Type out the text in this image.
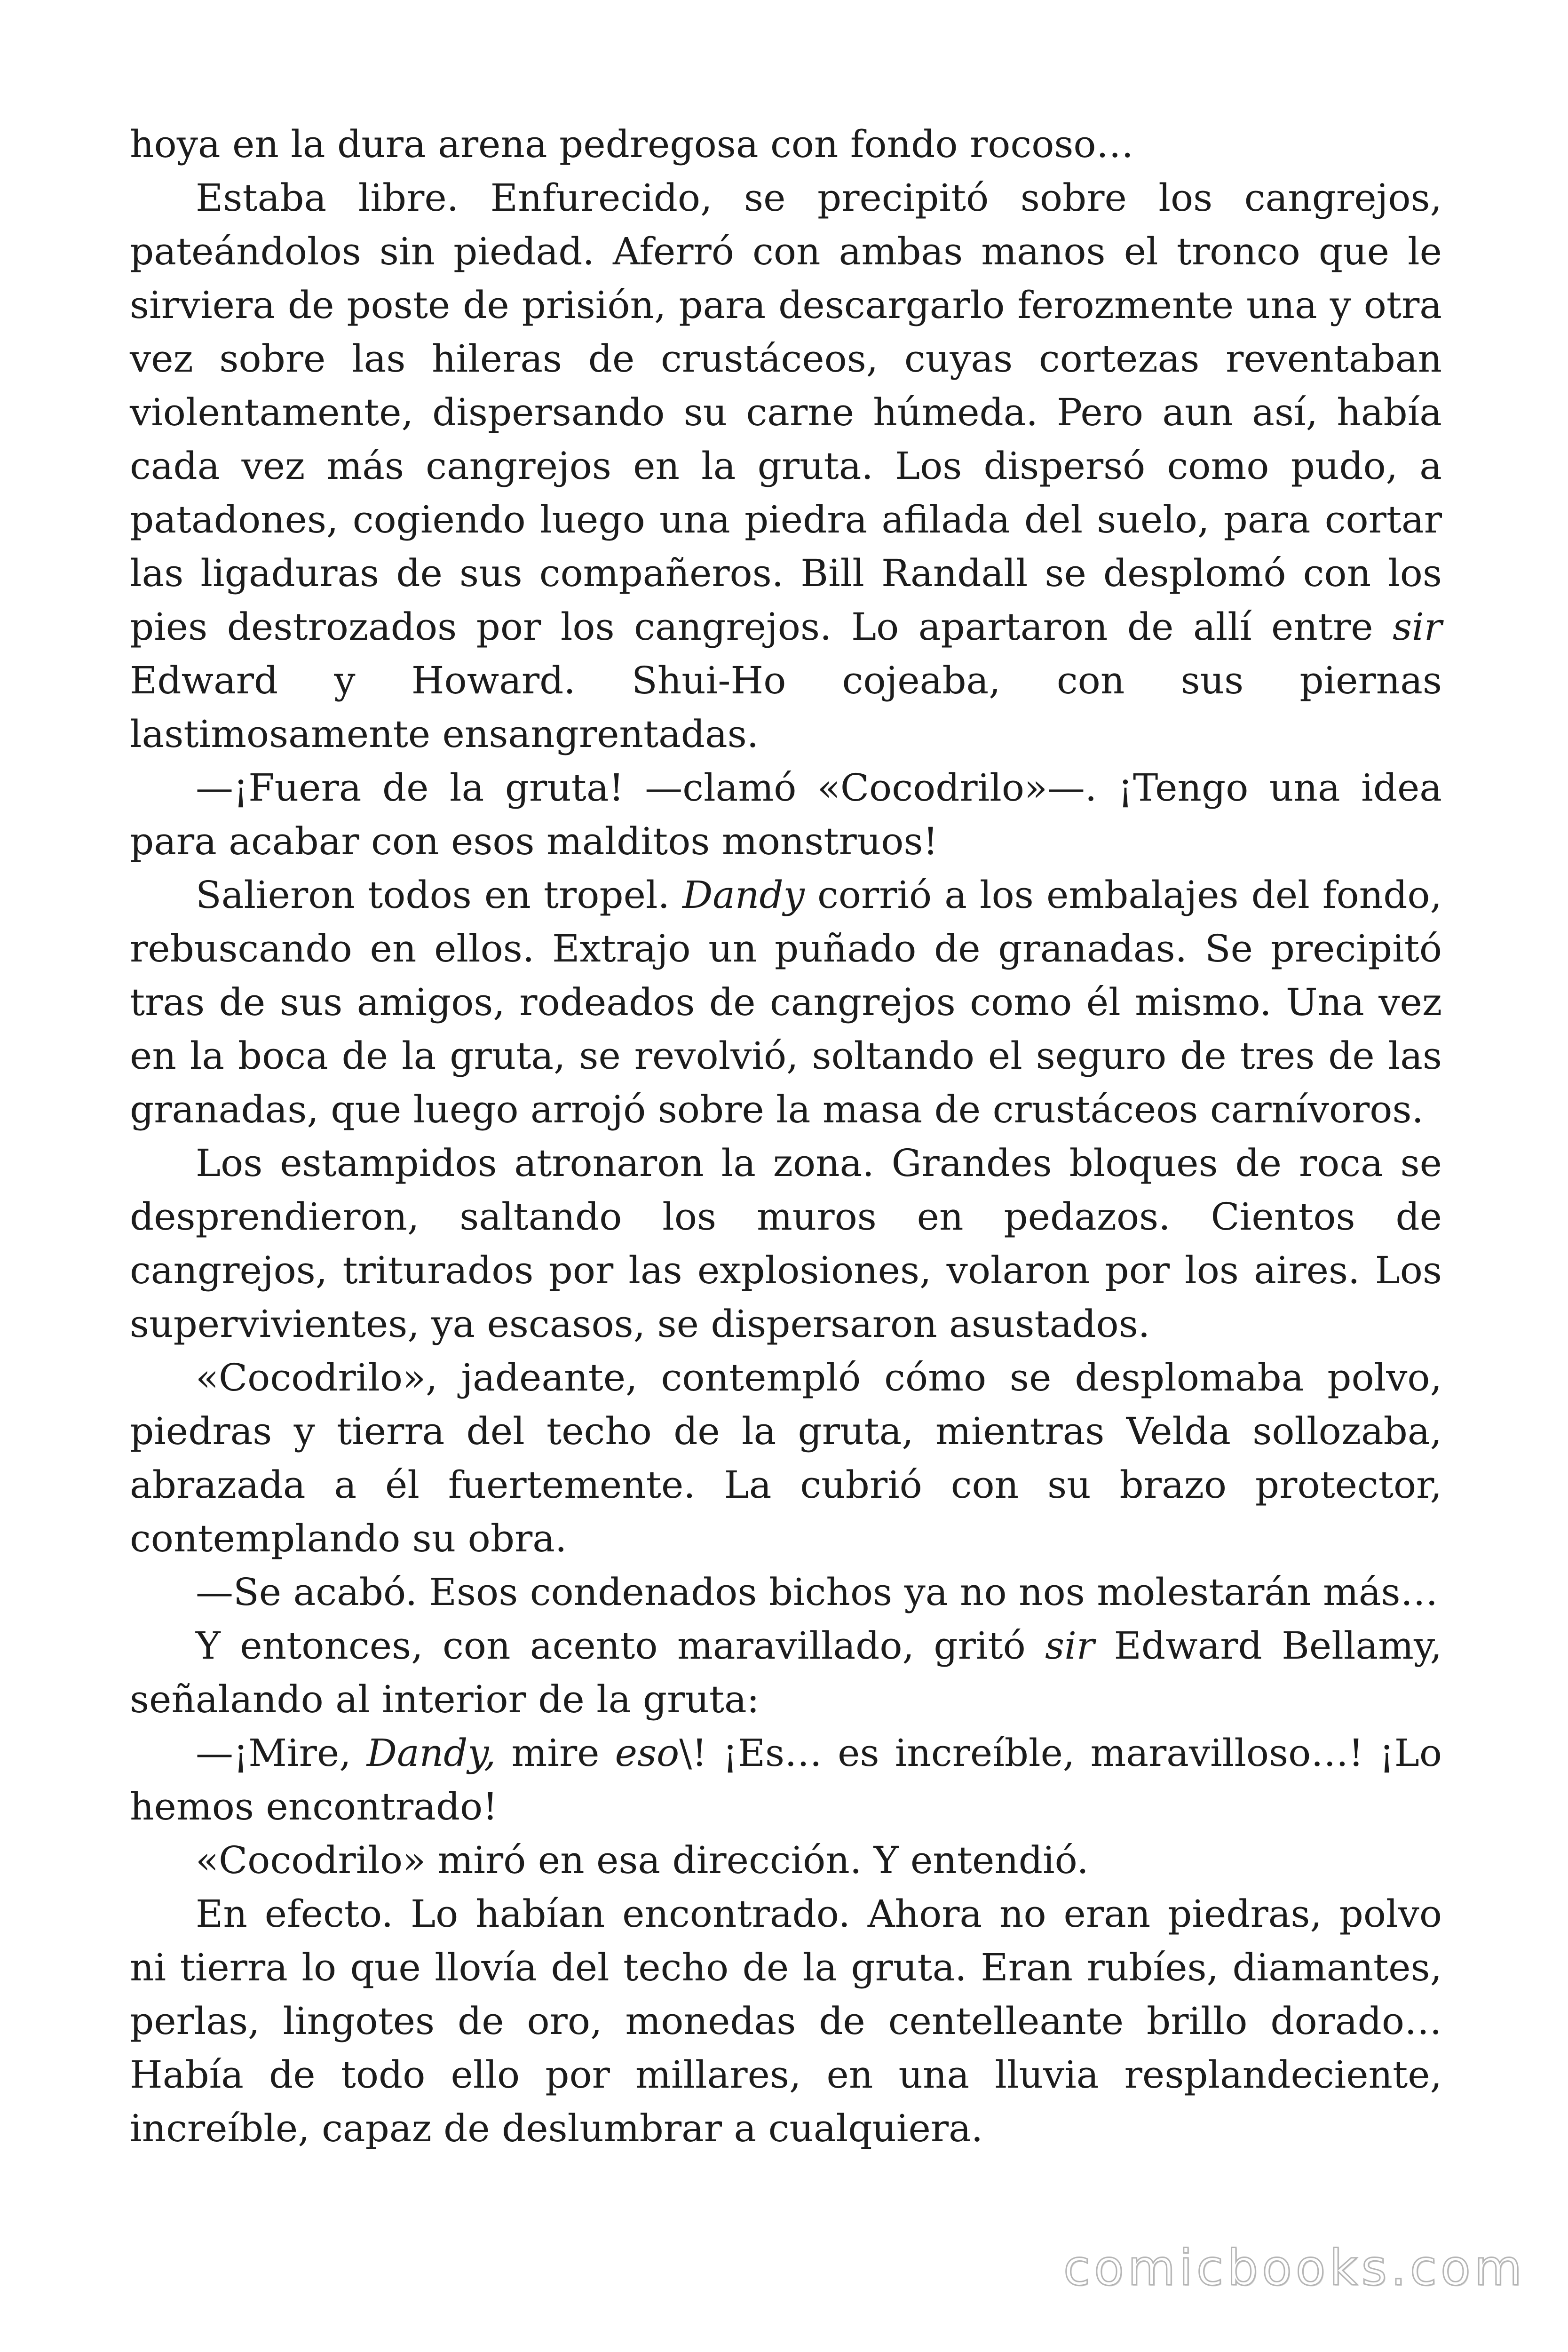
hoya en la dura arena pedregosa con fondo rocoso…

Estaba libre. Enfurecido, se precipitó sobre los cangrejos, pateándolos sin piedad. Aferró con ambas manos el tronco que le sirviera de poste de prisión, para descargarlo ferozmente una y otra vez sobre las hileras de crustáceos, cuyas cortezas reventaban violentamente, dispersando su carne húmeda. Pero aun así, había cada vez más cangrejos en la gruta. Los dispersó como pudo, a patadones, cogiendo luego una piedra afilada del suelo, para cortar las ligaduras de sus compañeros. Bill Randall se desplomó con los pies destrozados por los cangrejos. Lo apartaron de allí entre sir Edward y Howard. Shui-Ho cojeaba, con sus piernas lastimosamente ensangrentadas.

—¡Fuera de la gruta! —clamó «Cocodrilo»—. ¡Tengo una idea para acabar con esos malditos monstruos!

Salieron todos en tropel. Dandy corrió a los embalajes del fondo, rebuscando en ellos. Extrajo un puñado de granadas. Se precipitó tras de sus amigos, rodeados de cangrejos como él mismo. Una vez en la boca de la gruta, se revolvió, soltando el seguro de tres de las granadas, que luego arrojó sobre la masa de crustáceos carnívoros.

Los estampidos atronaron la zona. Grandes bloques de roca se desprendieron, saltando los muros en pedazos. Cientos de cangrejos, triturados por las explosiones, volaron por los aires. Los supervivientes, ya escasos, se dispersaron asustados.

«Cocodrilo», jadeante, contempló cómo se desplomaba polvo, piedras y tierra del techo de la gruta, mientras Velda sollozaba, abrazada a él fuertemente. La cubrió con su brazo protector, contemplando su obra.

—Se acabó. Esos condenados bichos ya no nos molestarán más…

Y entonces, con acento maravillado, gritó sir Edward Bellamy, señalando al interior de la gruta:

—¡Mire, Dandy, mire eso\! ¡Es… es increíble, maravilloso…! ¡Lo hemos encontrado!

«Cocodrilo» miró en esa dirección. Y entendió.

En efecto. Lo habían encontrado. Ahora no eran piedras, polvo ni tierra lo que llovía del techo de la gruta. Eran rubíes, diamantes, perlas, lingotes de oro, monedas de centelleante brillo dorado… Había de todo ello por millares, en una lluvia resplandeciente, increíble, capaz de deslumbrar a cualquiera.

comicbooks.com
